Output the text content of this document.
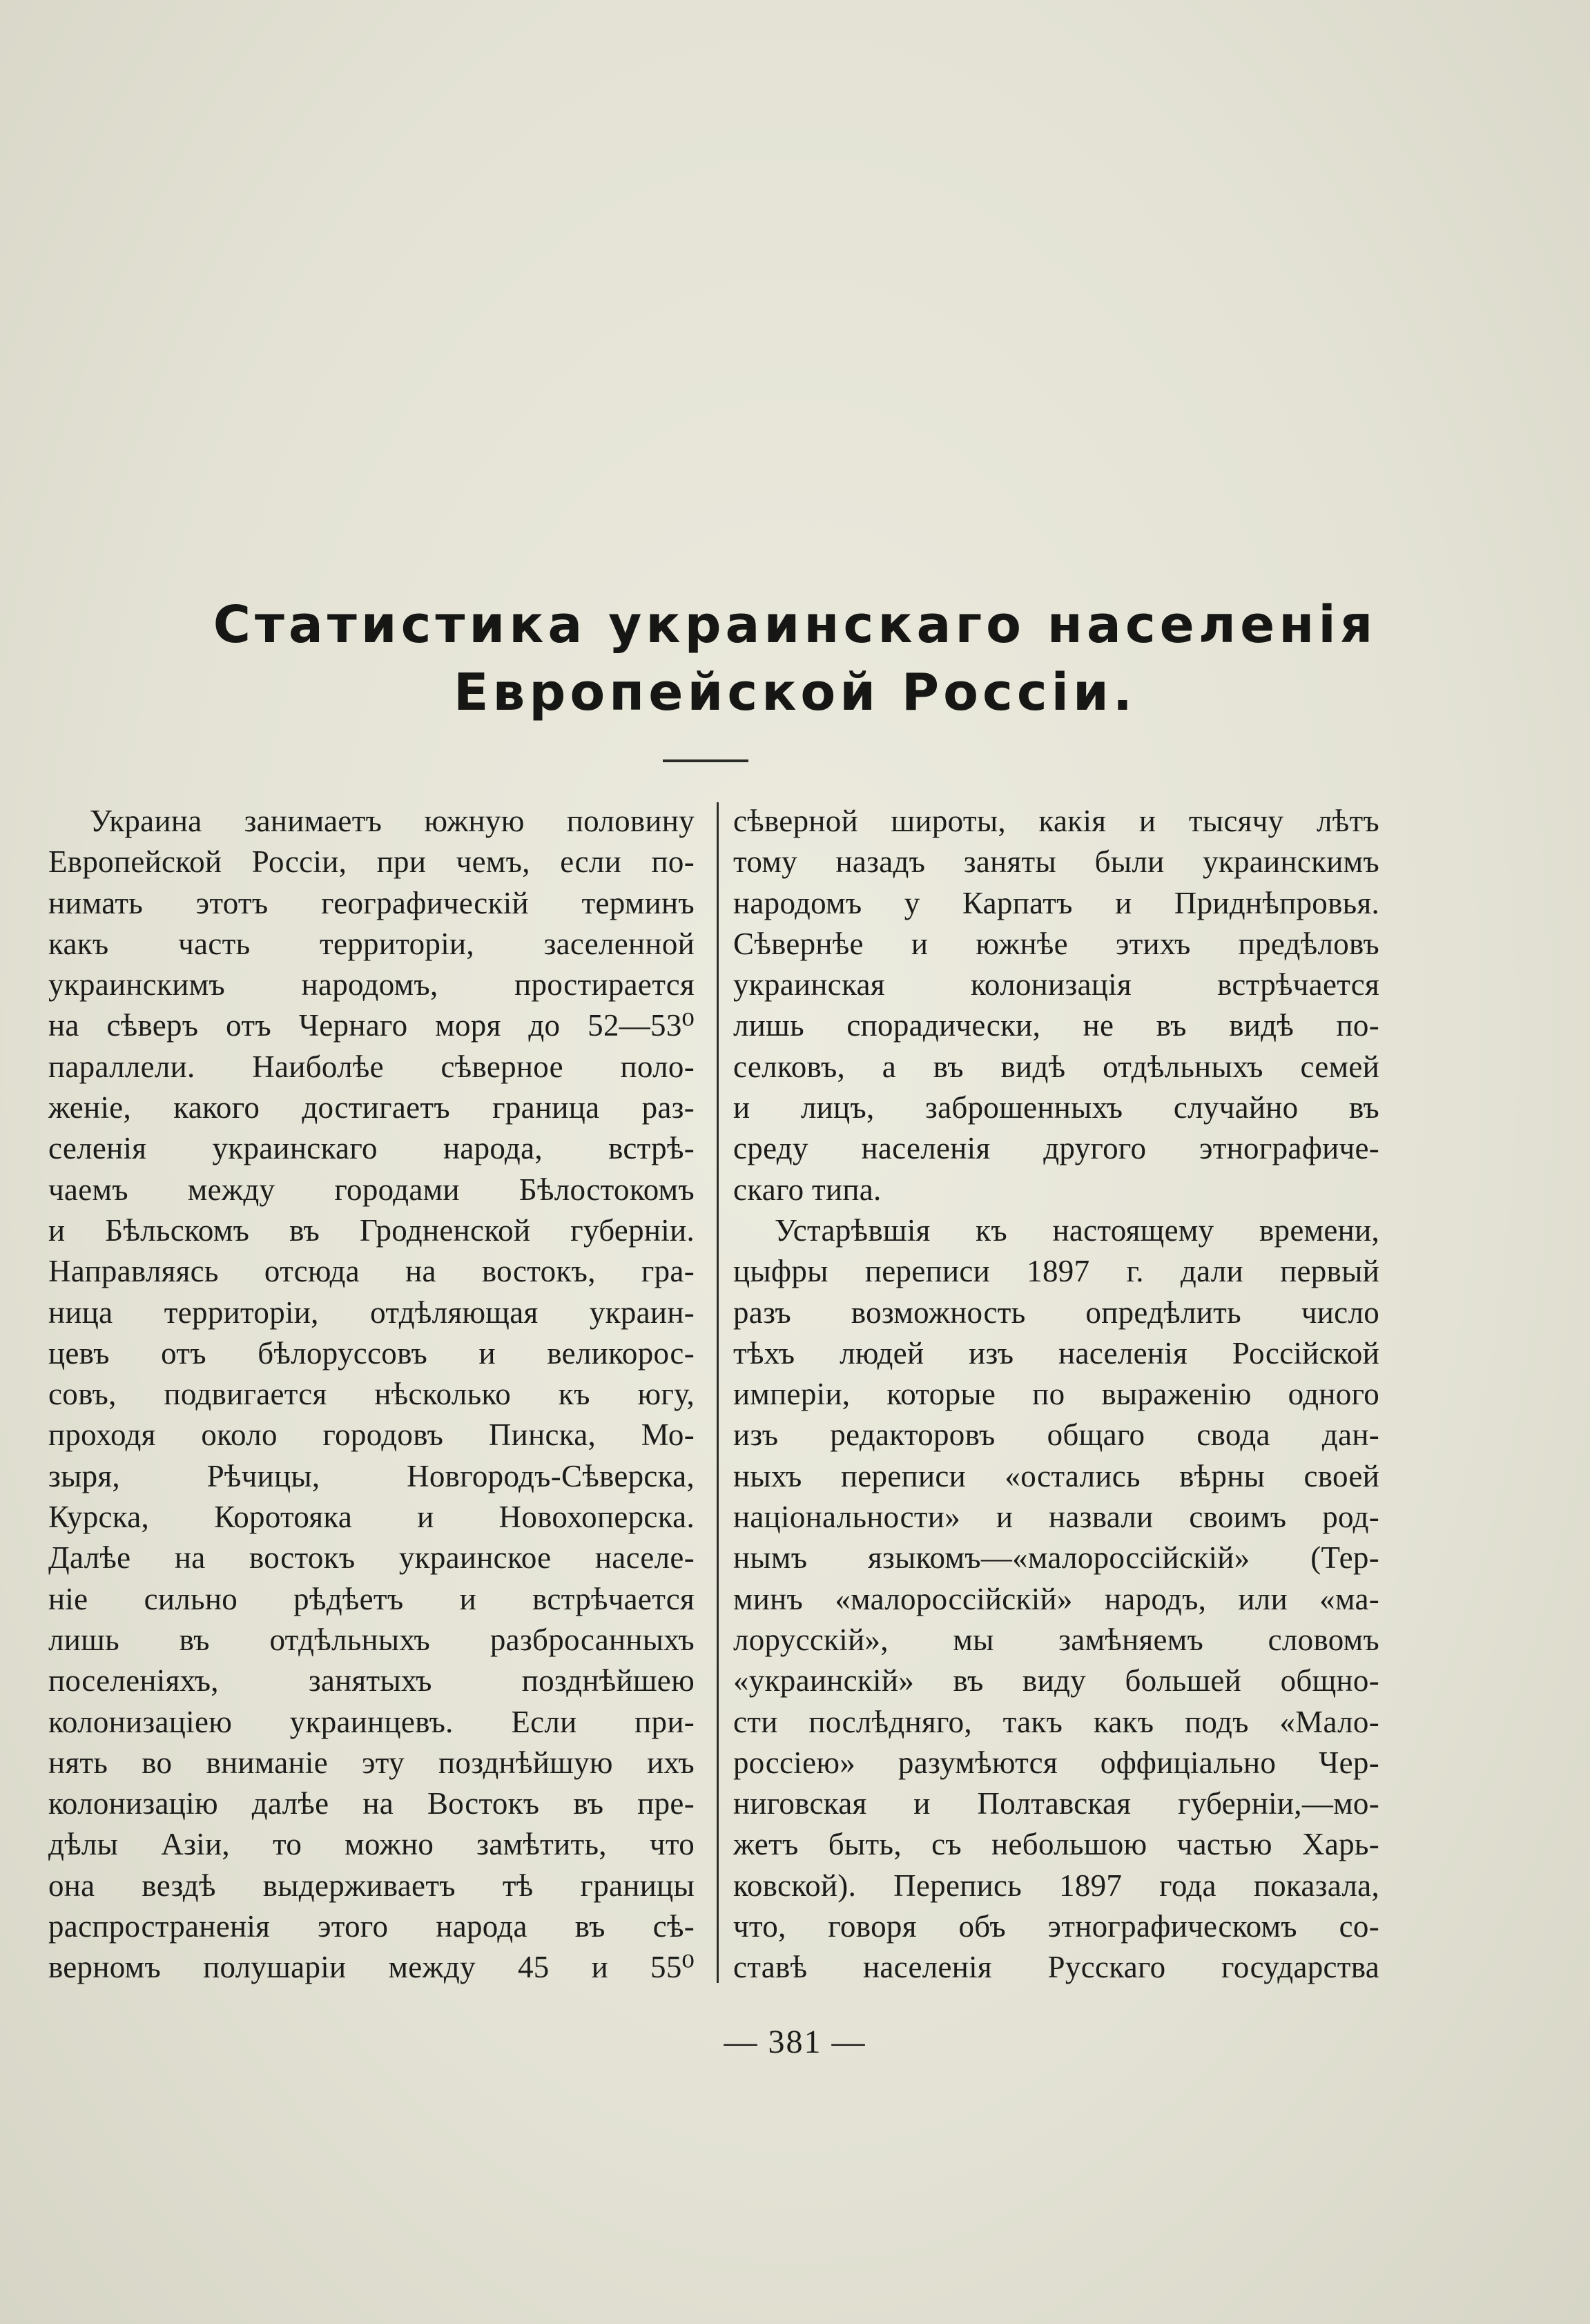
Статистика украинскаго населенія
Европейской Россіи.
Украина занимаетъ южную половину
Европейской Россіи, при чемъ, если по-
нимать этотъ географическій терминъ
какъ часть территоріи, заселенной
украинскимъ народомъ, простирается
на сѣверъ отъ Чернаго моря до 52—53⁰
параллели. Наиболѣе сѣверное поло-
женіе, какого достигаетъ граница раз-
селенія украинскаго народа, встрѣ-
чаемъ между городами Бѣлостокомъ
и Бѣльскомъ въ Гродненской губерніи.
Направляясь отсюда на востокъ, гра-
ница территоріи, отдѣляющая украин-
цевъ отъ бѣлоруссовъ и великорос-
совъ, подвигается нѣсколько къ югу,
проходя около городовъ Пинска, Мо-
зыря, Рѣчицы, Новгородъ-Сѣверска,
Курска, Коротояка и Новохоперска.
Далѣе на востокъ украинское населе-
ніе сильно рѣдѣетъ и встрѣчается
лишь въ отдѣльныхъ разбросанныхъ
поселеніяхъ, занятыхъ позднѣйшею
колонизаціею украинцевъ. Если при-
нять во вниманіе эту позднѣйшую ихъ
колонизацію далѣе на Востокъ въ пре-
дѣлы Азіи, то можно замѣтить, что
она вездѣ выдерживаетъ тѣ границы
распространенія этого народа въ сѣ-
верномъ полушаріи между 45 и 55⁰
сѣверной широты, какія и тысячу лѣтъ
тому назадъ заняты были украинскимъ
народомъ у Карпатъ и Приднѣпровья.
Сѣвернѣе и южнѣе этихъ предѣловъ
украинская колонизація встрѣчается
лишь спорадически, не въ видѣ по-
селковъ, а въ видѣ отдѣльныхъ семей
и лицъ, заброшенныхъ случайно въ
среду населенія другого этнографиче-
скаго типа.
Устарѣвшія къ настоящему времени,
цыфры переписи 1897 г. дали первый
разъ возможность опредѣлить число
тѣхъ людей изъ населенія Россійской
имперіи, которые по выраженію одного
изъ редакторовъ общаго свода дан-
ныхъ переписи «остались вѣрны своей
національности» и назвали своимъ род-
нымъ языкомъ—«малороссійскій» (Тер-
минъ «малороссійскій» народъ, или «ма-
лорусскій», мы замѣняемъ словомъ
«украинскій» въ виду большей общно-
сти послѣдняго, такъ какъ подъ «Мало-
россіею» разумѣются оффиціально Чер-
ниговская и Полтавская губерніи,—мо-
жетъ быть, съ небольшою частью Харь-
ковской). Перепись 1897 года показала,
что, говоря объ этнографическомъ со-
ставѣ населенія Русскаго государства
— 381 —
